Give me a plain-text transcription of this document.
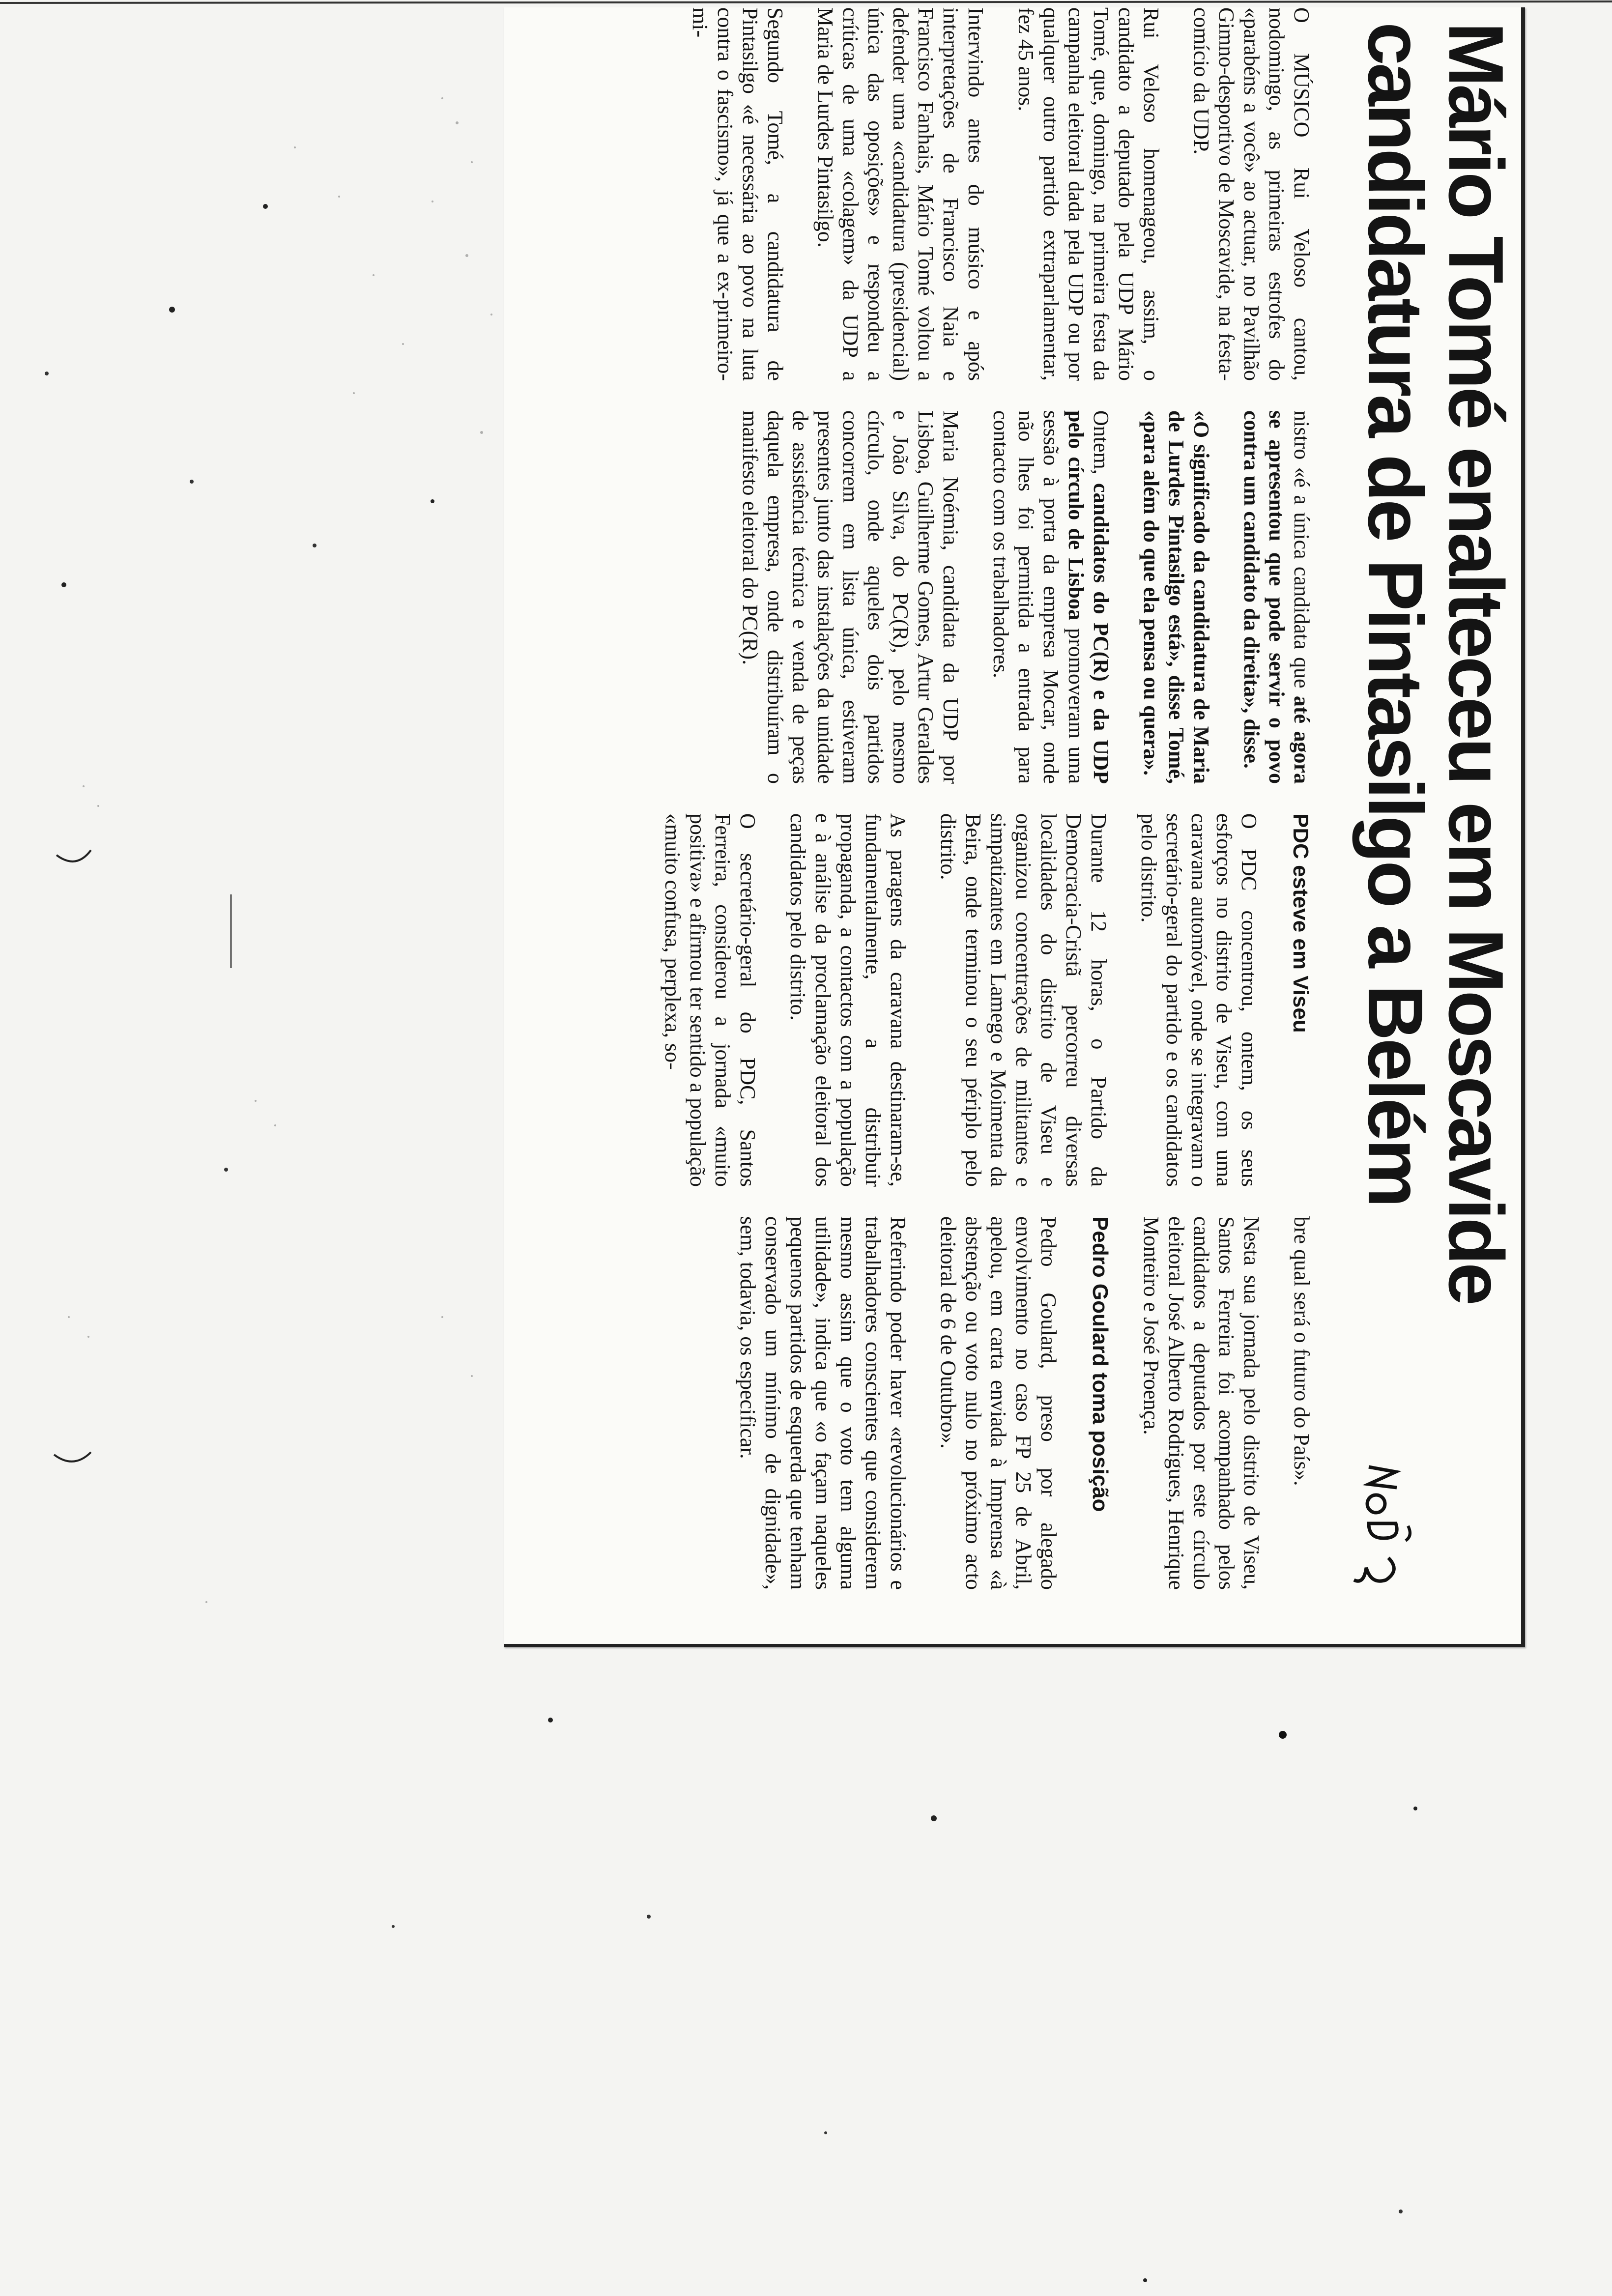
Mário Tomé enalteceu em Moscavide
candidatura de Pintasilgo a Belém

O MÚSICO Rui Veloso cantou, nodomingo, as primeiras estrofes do «parabéns a você» ao actuar, no Pavilhão Gimno-desportivo de Moscavide, na festa-comício da UDP.

Rui Veloso homenageou, assim, o candidato a deputado pela UDP Mário Tomé, que, domingo, na primeira festa da campanha eleitoral dada pela UDP ou por qualquer outro partido extraparlamentar, fez 45 anos.

Intervindo antes do músico e após interpretações de Francisco Naia e Francisco Fanhais, Mário Tomé voltou a defender uma «candidatura (presidencial) única das oposições» e respondeu a críticas de uma «colagem» da UDP a Maria de Lurdes Pintasilgo.

Segundo Tomé, a candidatura de Pintasilgo «é necessária ao povo na luta contra o fascismo», já que a ex-primeiro-mi-

nistro «é a única candidata que até agora se apresentou que pode servir o povo contra um candidato da direita», disse.

«O significado da candidatura de Maria de Lurdes Pintasilgo está», disse Tomé, «para além do que ela pensa ou quera».

Ontem, candidatos do PC(R) e da UDP pelo círculo de Lisboa promoveram uma sessão à porta da empresa Mocar, onde não lhes foi permitida a entrada para contacto com os trabalhadores.

Maria Noémia, candidata da UDP por Lisboa, Guilherme Gomes, Artur Geraldes e João Silva, do PC(R), pelo mesmo círculo, onde aqueles dois partidos concorrem em lista única, estiveram presentes junto das instalações da unidade de assistência técnica e venda de peças daquela empresa, onde distribuíram o manifesto eleitoral do PC(R).

PDC esteve em Viseu

O PDC concentrou, ontem, os seus esforços no distrito de Viseu, com uma caravana automóvel, onde se integravam o secretário-geral do partido e os candidatos pelo distrito.

Durante 12 horas, o Partido da Democracia-Cristã percorreu diversas localidades do distrito de Viseu e organizou concentrações de militantes e simpatizantes em Lamego e Moimenta da Beira, onde terminou o seu périplo pelo distrito.

As paragens da caravana destinaram-se, fundamentalmente, a distribuir propaganda, a contactos com a população e à análise da proclamação eleitoral dos candidatos pelo distrito.

O secretário-geral do PDC, Santos Ferreira, considerou a jornada «muito positiva» e afirmou ter sentido a população «muito confusa, perplexa, so-

bre qual será o futuro do País».

Nesta sua jornada pelo distrito de Viseu, Santos Ferreira foi acompanhado pelos candidatos a deputados por este círculo eleitoral José Alberto Rodrigues, Henrique Monteiro e José Proença.

Pedro Goulard toma posição

Pedro Goulard, preso por alegado envolvimento no caso FP 25 de Abril, apelou, em carta enviada à Imprensa «à abstenção ou voto nulo no próximo acto eleitoral de 6 de Outubro».

Referindo poder haver «revolucionários e trabalhadores conscientes que considerem mesmo assim que o voto tem alguma utilidade», indica que «o façam naqueles pequenos partidos de esquerda que tenham conservado um mínimo de dignidade», sem, todavia, os especificar.
